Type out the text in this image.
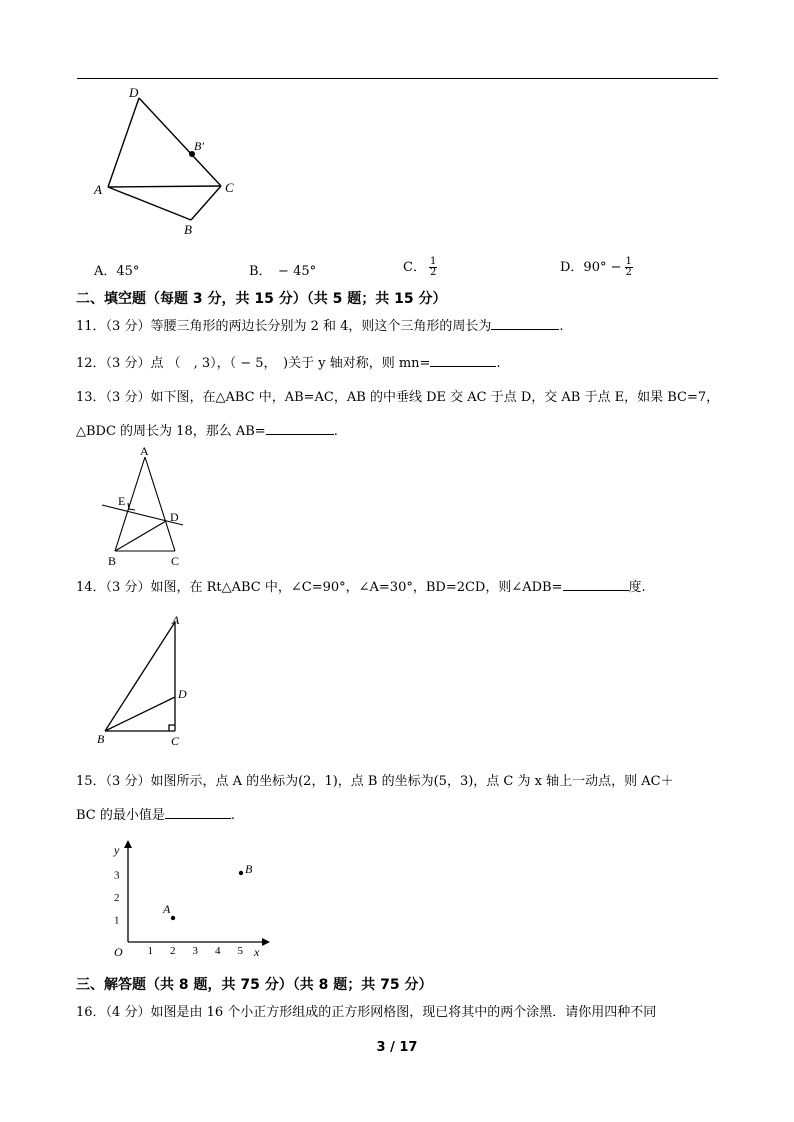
D
B′
A	C
B
A．45°	B．　− 45°	C． $\frac{1}{2}$	D．$90^\circ - \frac{1}{2}$
二、填空题（每题 3 分，共 15 分）（共 5 题；共 15 分）
11．（3 分）等腰三角形的两边长分别为 2 和 4，则这个三角形的周长为	.
12．（3 分）点 （　, 3），（ − 5，　)关于 y 轴对称，则 mn=	.
13．（3 分）如下图，在△ABC 中，AB=AC，AB 的中垂线 DE 交 AC 于点 D，交 AB 于点 E，如果 BC=7，
△BDC 的周长为 18，那么 AB=	.
A
E
D
B	C
14．（3 分）如图，在 Rt△ABC 中，∠C=90°，∠A=30°，BD=2CD，则∠ADB=	度.
A
D
B	C
15．（3 分）如图所示，点 A 的坐标为(2，1)，点 B 的坐标为(5，3)，点 C 为 x 轴上一动点，则 AC＋
BC 的最小值是	.
y
x
O
3
2
1
1 2 3 4 5
A
B
三、解答题（共 8 题，共 75 分）（共 8 题；共 75 分）
16．（4 分）如图是由 16 个小正方形组成的正方形网格图，现已将其中的两个涂黑．请你用四种不同
3 / 17
